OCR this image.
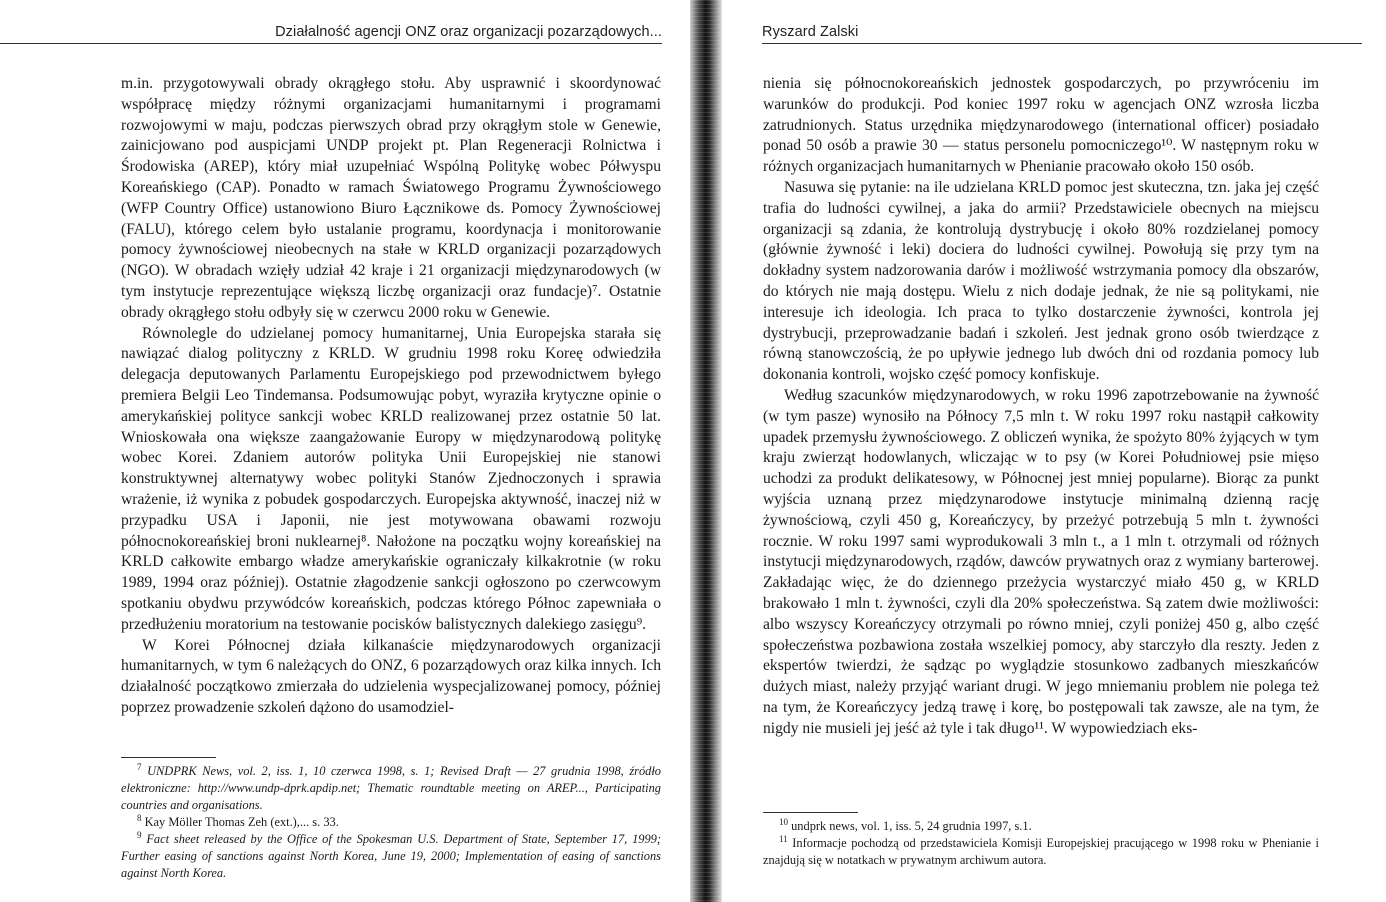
Działalność agencji ONZ oraz organizacji pozarządowych...

m.in. przygotowywali obrady okrągłego stołu. Aby usprawnić i skoordynować współpracę między różnymi organizacjami humanitarnymi i programami rozwojowymi w maju, podczas pierwszych obrad przy okrągłym stole w Genewie, zainicjowano pod auspicjami UNDP projekt pt. Plan Regeneracji Rolnictwa i Środowiska (AREP), który miał uzupełniać Wspólną Politykę wobec Półwyspu Koreańskiego (CAP). Ponadto w ramach Światowego Programu Żywnościowego (WFP Country Office) ustanowiono Biuro Łącznikowe ds. Pomocy Żywnościowej (FALU), którego celem było ustalanie programu, koordynacja i monitorowanie pomocy żywnościowej nieobecnych na stałe w KRLD organizacji pozarządowych (NGO). W obradach wzięły udział 42 kraje i 21 organizacji międzynarodowych (w tym instytucje reprezentujące większą liczbę organizacji oraz fundacje)⁷. Ostatnie obrady okrągłego stołu odbyły się w czerwcu 2000 roku w Genewie.

Równolegle do udzielanej pomocy humanitarnej, Unia Europejska starała się nawiązać dialog polityczny z KRLD. W grudniu 1998 roku Koreę odwiedziła delegacja deputowanych Parlamentu Europejskiego pod przewodnictwem byłego premiera Belgii Leo Tindemansa. Podsumowując pobyt, wyraziła krytyczne opinie o amerykańskiej polityce sankcji wobec KRLD realizowanej przez ostatnie 50 lat. Wnioskowała ona większe zaangażowanie Europy w międzynarodową politykę wobec Korei. Zdaniem autorów polityka Unii Europejskiej nie stanowi konstruktywnej alternatywy wobec polityki Stanów Zjednoczonych i sprawia wrażenie, iż wynika z pobudek gospodarczych. Europejska aktywność, inaczej niż w przypadku USA i Japonii, nie jest motywowana obawami rozwoju północnokoreańskiej broni nuklearnej⁸. Nałożone na początku wojny koreańskiej na KRLD całkowite embargo władze amerykańskie ograniczały kilkakrotnie (w roku 1989, 1994 oraz później). Ostatnie złagodzenie sankcji ogłoszono po czerwcowym spotkaniu obydwu przywódców koreańskich, podczas którego Północ zapewniała o przedłużeniu moratorium na testowanie pocisków balistycznych dalekiego zasięgu⁹.

W Korei Północnej działa kilkanaście międzynarodowych organizacji humanitarnych, w tym 6 należących do ONZ, 6 pozarządowych oraz kilka innych. Ich działalność początkowo zmierzała do udzielenia wyspecjalizowanej pomocy, później poprzez prowadzenie szkoleń dążono do usamodziel-

$^7$ UNDPRK News, vol. 2, iss. 1, 10 czerwca 1998, s. 1; Revised Draft — 27 grudnia 1998, źródło elektroniczne: http://www.undp-dprk.apdip.net; Thematic roundtable meeting on AREP..., Participating countries and organisations.

$^8$ Kay Möller Thomas Zeh (ext.),... s. 33.

$^9$ Fact sheet released by the Office of the Spokesman U.S. Department of State, September 17, 1999; Further easing of sanctions against North Korea, June 19, 2000; Implementation of easing of sanctions against North Korea.

Ryszard Zalski

nienia się północnokoreańskich jednostek gospodarczych, po przywróceniu im warunków do produkcji. Pod koniec 1997 roku w agencjach ONZ wzrosła liczba zatrudnionych. Status urzędnika międzynarodowego (international officer) posiadało ponad 50 osób a prawie 30 — status personelu pomocniczego¹⁰. W następnym roku w różnych organizacjach humanitarnych w Phenianie pracowało około 150 osób.

Nasuwa się pytanie: na ile udzielana KRLD pomoc jest skuteczna, tzn. jaka jej część trafia do ludności cywilnej, a jaka do armii? Przedstawiciele obecnych na miejscu organizacji są zdania, że kontrolują dystrybucję i około 80% rozdzielanej pomocy (głównie żywność i leki) dociera do ludności cywilnej. Powołują się przy tym na dokładny system nadzorowania darów i możliwość wstrzymania pomocy dla obszarów, do których nie mają dostępu. Wielu z nich dodaje jednak, że nie są politykami, nie interesuje ich ideologia. Ich praca to tylko dostarczenie żywności, kontrola jej dystrybucji, przeprowadzanie badań i szkoleń. Jest jednak grono osób twierdzące z równą stanowczością, że po upływie jednego lub dwóch dni od rozdania pomocy lub dokonania kontroli, wojsko część pomocy konfiskuje.

Według szacunków międzynarodowych, w roku 1996 zapotrzebowanie na żywność (w tym pasze) wynosiło na Północy 7,5 mln t. W roku 1997 roku nastąpił całkowity upadek przemysłu żywnościowego. Z obliczeń wynika, że spożyto 80% żyjących w tym kraju zwierząt hodowlanych, wliczając w to psy (w Korei Południowej psie mięso uchodzi za produkt delikatesowy, w Północnej jest mniej popularne). Biorąc za punkt wyjścia uznaną przez międzynarodowe instytucje minimalną dzienną rację żywnościową, czyli 450 g, Koreańczycy, by przeżyć potrzebują 5 mln t. żywności rocznie. W roku 1997 sami wyprodukowali 3 mln t., a 1 mln t. otrzymali od różnych instytucji międzynarodowych, rządów, dawców prywatnych oraz z wymiany barterowej. Zakładając więc, że do dziennego przeżycia wystarczyć miało 450 g, w KRLD brakowało 1 mln t. żywności, czyli dla 20% społeczeństwa. Są zatem dwie możliwości: albo wszyscy Koreańczycy otrzymali po równo mniej, czyli poniżej 450 g, albo część społeczeństwa pozbawiona została wszelkiej pomocy, aby starczyło dla reszty. Jeden z ekspertów twierdzi, że sądząc po wyglądzie stosunkowo zadbanych mieszkańców dużych miast, należy przyjąć wariant drugi. W jego mniemaniu problem nie polega też na tym, że Koreańczycy jedzą trawę i korę, bo postępowali tak zawsze, ale na tym, że nigdy nie musieli jej jeść aż tyle i tak długo¹¹. W wypowiedziach eks-

$^{10}$ undprk news, vol. 1, iss. 5, 24 grudnia 1997, s.1.

$^{11}$ Informacje pochodzą od przedstawiciela Komisji Europejskiej pracującego w 1998 roku w Phenianie i znajdują się w notatkach w prywatnym archiwum autora.
